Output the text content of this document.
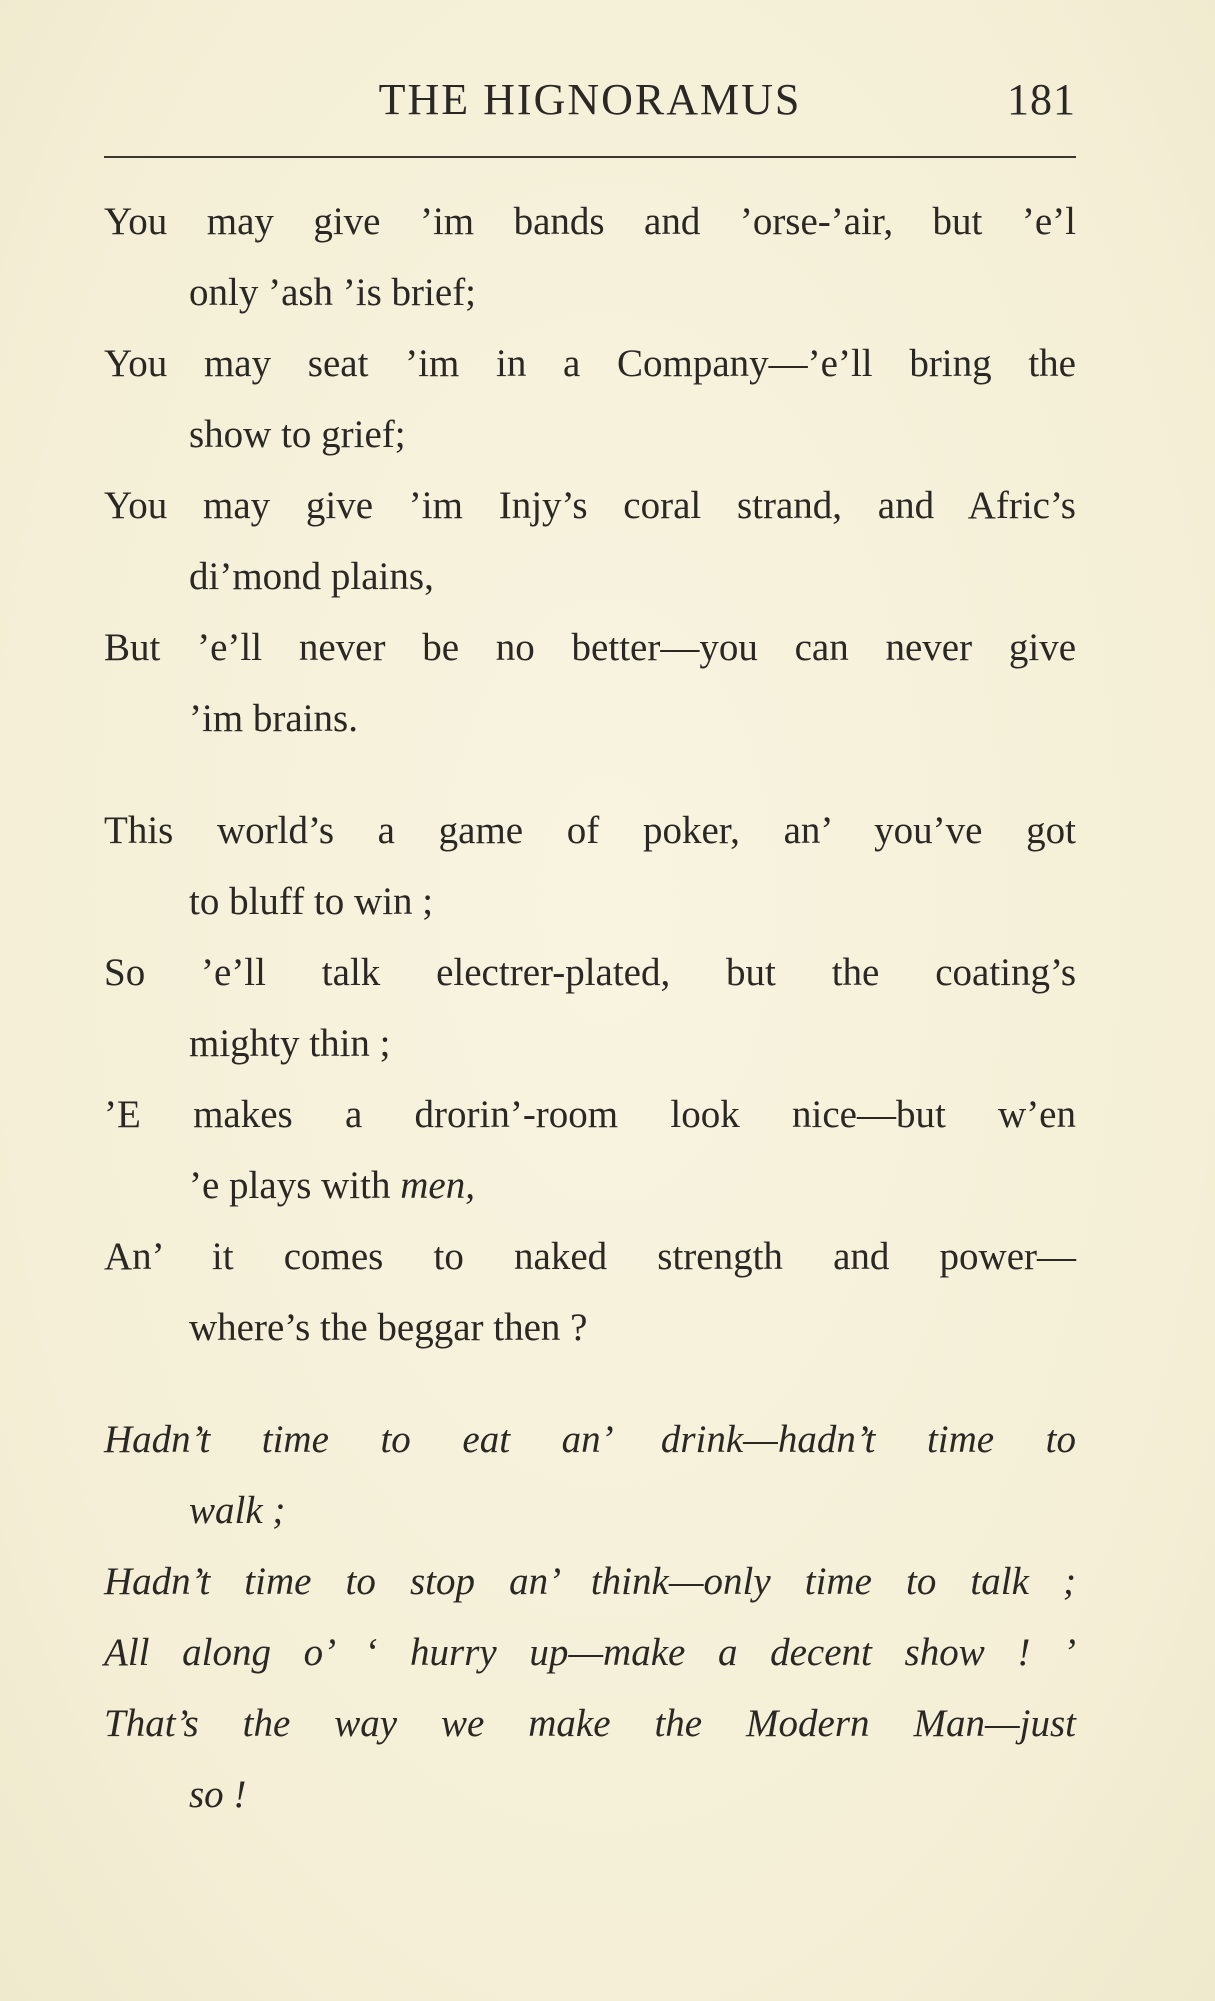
THE HIGNORAMUS	181
You may give ’im bands and ’orse-’air, but ’e’l
only ’ash ’is brief;
You may seat ’im in a Company—’e’ll bring the
show to grief;
You may give ’im Injy’s coral strand, and Afric’s
di’mond plains,
But ’e’ll never be no better—you can never give
’im brains.
This world’s a game of poker, an’ you’ve got
to bluff to win ;
So ’e’ll talk electrer-plated, but the coating’s
mighty thin ;
’E makes a drorin’-room look nice—but w’en
’e plays with men,
An’ it comes to naked strength and power—
where’s the beggar then ?
Hadn’t time to eat an’ drink—hadn’t time to
walk ;
Hadn’t time to stop an’ think—only time to talk ;
All along o’ ‘ hurry up—make a decent show ! ’
That’s the way we make the Modern Man—just
so !
